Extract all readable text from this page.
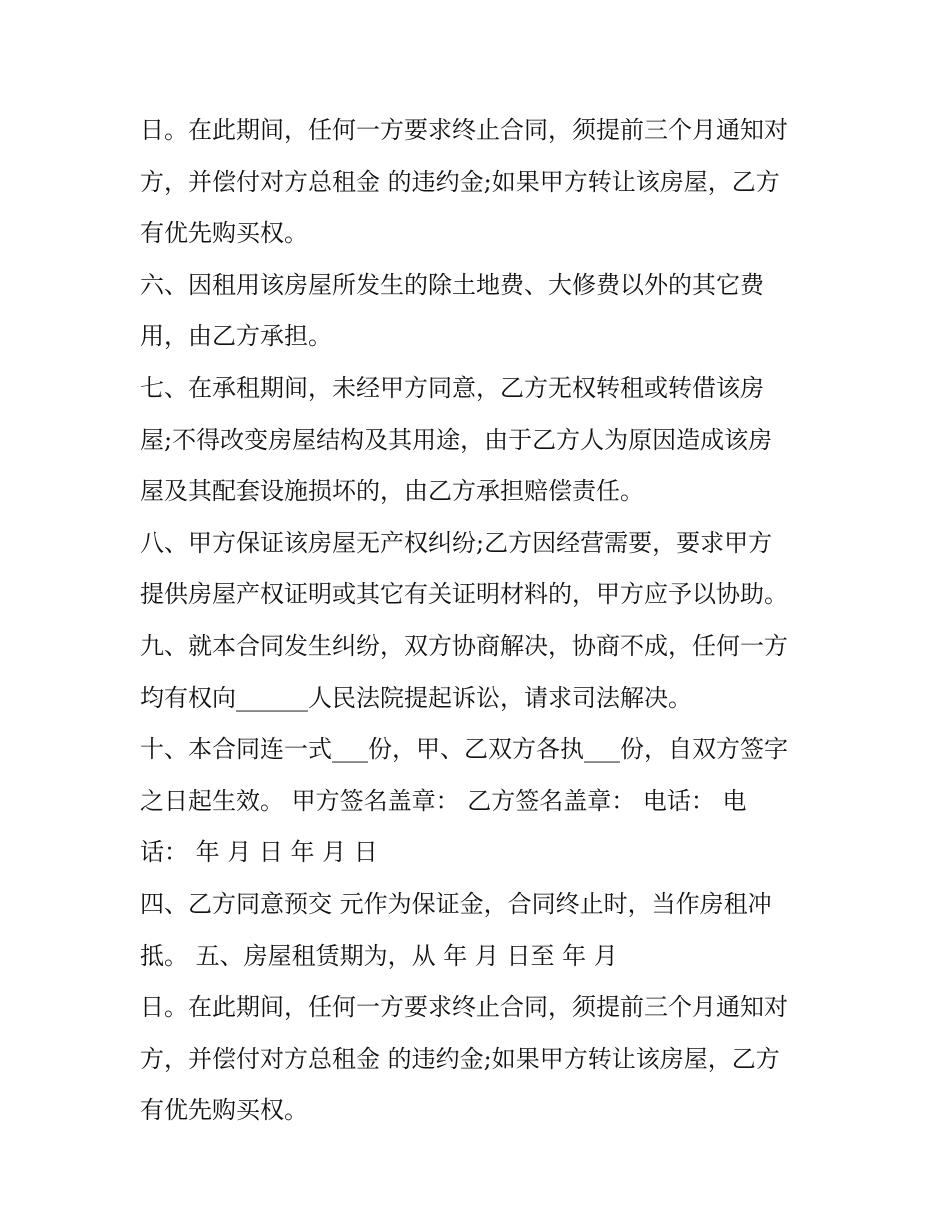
日。在此期间，任何一方要求终止合同，须提前三个月通知对
方，并偿付对方总租金 的违约金;如果甲方转让该房屋，乙方
有优先购买权。
六、因租用该房屋所发生的除土地费、大修费以外的其它费
用，由乙方承担。
七、在承租期间，未经甲方同意，乙方无权转租或转借该房
屋;不得改变房屋结构及其用途，由于乙方人为原因造成该房
屋及其配套设施损坏的，由乙方承担赔偿责任。
八、甲方保证该房屋无产权纠纷;乙方因经营需要，要求甲方
提供房屋产权证明或其它有关证明材料的，甲方应予以协助。
九、就本合同发生纠纷，双方协商解决，协商不成，任何一方
均有权向______人民法院提起诉讼，请求司法解决。
十、本合同连一式___份，甲、乙双方各执___份，自双方签字
之日起生效。 甲方签名盖章： 乙方签名盖章： 电话： 电
话： 年 月 日 年 月 日
四、乙方同意预交 元作为保证金，合同终止时，当作房租冲
抵。 五、房屋租赁期为，从 年 月 日至 年 月
日。在此期间，任何一方要求终止合同，须提前三个月通知对
方，并偿付对方总租金 的违约金;如果甲方转让该房屋，乙方
有优先购买权。
